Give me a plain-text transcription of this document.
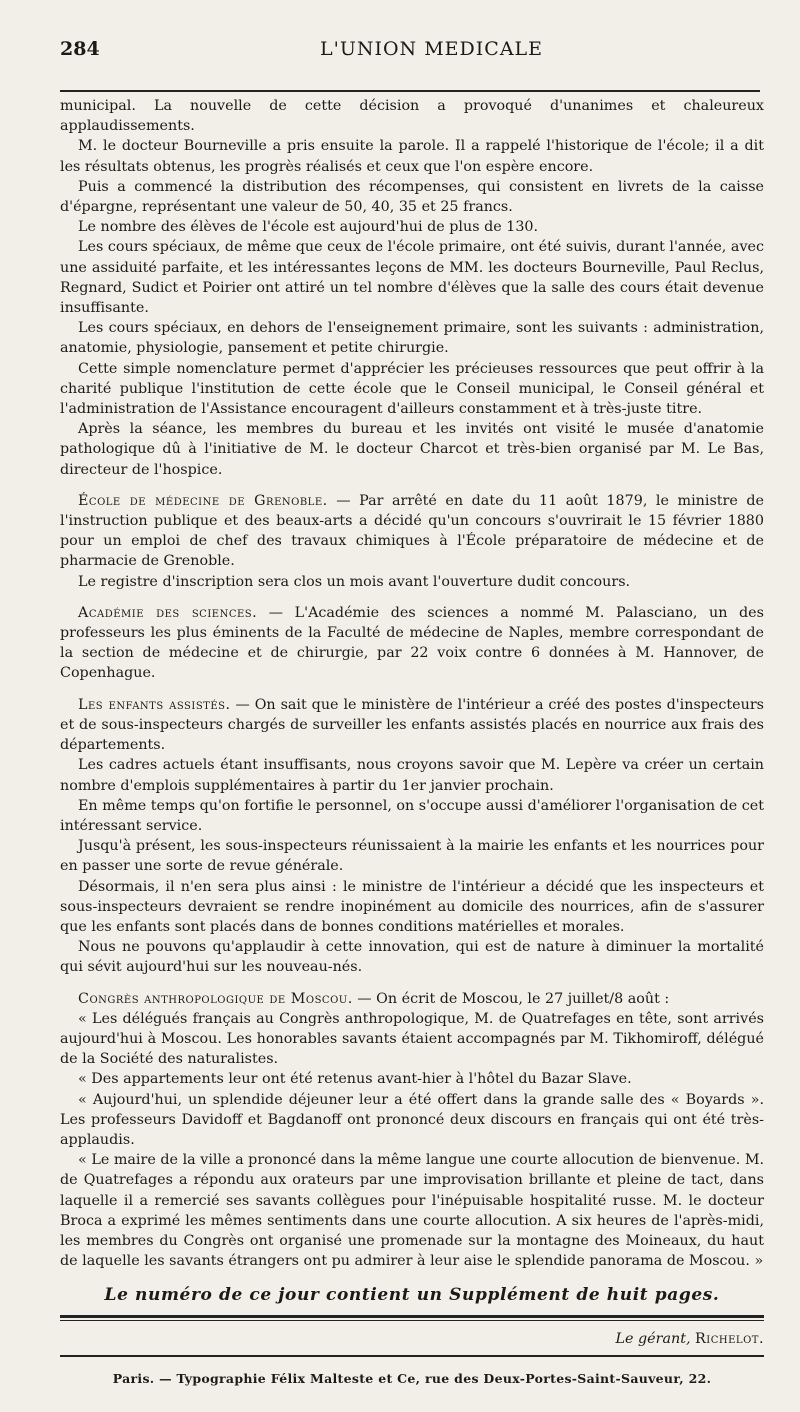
284	L'UNION MEDICALE

municipal. La nouvelle de cette décision a provoqué d'unanimes et chaleureux applaudissements.

M. le docteur Bourneville a pris ensuite la parole. Il a rappelé l'historique de l'école; il a dit les résultats obtenus, les progrès réalisés et ceux que l'on espère encore.

Puis a commencé la distribution des récompenses, qui consistent en livrets de la caisse d'épargne, représentant une valeur de 50, 40, 35 et 25 francs.

Le nombre des élèves de l'école est aujourd'hui de plus de 130.

Les cours spéciaux, de même que ceux de l'école primaire, ont été suivis, durant l'année, avec une assiduité parfaite, et les intéressantes leçons de MM. les docteurs Bourneville, Paul Reclus, Regnard, Sudict et Poirier ont attiré un tel nombre d'élèves que la salle des cours était devenue insuffisante.

Les cours spéciaux, en dehors de l'enseignement primaire, sont les suivants : administration, anatomie, physiologie, pansement et petite chirurgie.

Cette simple nomenclature permet d'apprécier les précieuses ressources que peut offrir à la charité publique l'institution de cette école que le Conseil municipal, le Conseil général et l'administration de l'Assistance encouragent d'ailleurs constamment et à très-juste titre.

Après la séance, les membres du bureau et les invités ont visité le musée d'anatomie pathologique dû à l'initiative de M. le docteur Charcot et très-bien organisé par M. Le Bas, directeur de l'hospice.

École de médecine de Grenoble. — Par arrêté en date du 11 août 1879, le ministre de l'instruction publique et des beaux-arts a décidé qu'un concours s'ouvrirait le 15 février 1880 pour un emploi de chef des travaux chimiques à l'École préparatoire de médecine et de pharmacie de Grenoble.

Le registre d'inscription sera clos un mois avant l'ouverture dudit concours.

Académie des sciences. — L'Académie des sciences a nommé M. Palasciano, un des professeurs les plus éminents de la Faculté de médecine de Naples, membre correspondant de la section de médecine et de chirurgie, par 22 voix contre 6 données à M. Hannover, de Copenhague.

Les enfants assistés. — On sait que le ministère de l'intérieur a créé des postes d'inspecteurs et de sous-inspecteurs chargés de surveiller les enfants assistés placés en nourrice aux frais des départements.

Les cadres actuels étant insuffisants, nous croyons savoir que M. Lepère va créer un certain nombre d'emplois supplémentaires à partir du 1er janvier prochain.

En même temps qu'on fortifie le personnel, on s'occupe aussi d'améliorer l'organisation de cet intéressant service.

Jusqu'à présent, les sous-inspecteurs réunissaient à la mairie les enfants et les nourrices pour en passer une sorte de revue générale.

Désormais, il n'en sera plus ainsi : le ministre de l'intérieur a décidé que les inspecteurs et sous-inspecteurs devraient se rendre inopinément au domicile des nourrices, afin de s'assurer que les enfants sont placés dans de bonnes conditions matérielles et morales.

Nous ne pouvons qu'applaudir à cette innovation, qui est de nature à diminuer la mortalité qui sévit aujourd'hui sur les nouveau-nés.

Congrès anthropologique de Moscou. — On écrit de Moscou, le 27 juillet/8 août :

« Les délégués français au Congrès anthropologique, M. de Quatrefages en tête, sont arrivés aujourd'hui à Moscou. Les honorables savants étaient accompagnés par M. Tikhomiroff, délégué de la Société des naturalistes.

« Des appartements leur ont été retenus avant-hier à l'hôtel du Bazar Slave.

« Aujourd'hui, un splendide déjeuner leur a été offert dans la grande salle des « Boyards ». Les professeurs Davidoff et Bagdanoff ont prononcé deux discours en français qui ont été très-applaudis.

« Le maire de la ville a prononcé dans la même langue une courte allocution de bienvenue. M. de Quatrefages a répondu aux orateurs par une improvisation brillante et pleine de tact, dans laquelle il a remercié ses savants collègues pour l'inépuisable hospitalité russe. M. le docteur Broca a exprimé les mêmes sentiments dans une courte allocution. A six heures de l'après-midi, les membres du Congrès ont organisé une promenade sur la montagne des Moineaux, du haut de laquelle les savants étrangers ont pu admirer à leur aise le splendide panorama de Moscou. »

Le numéro de ce jour contient un Supplément de huit pages.
Le gérant, Richelot.
Paris. — Typographie Félix Malteste et Ce, rue des Deux-Portes-Saint-Sauveur, 22.
